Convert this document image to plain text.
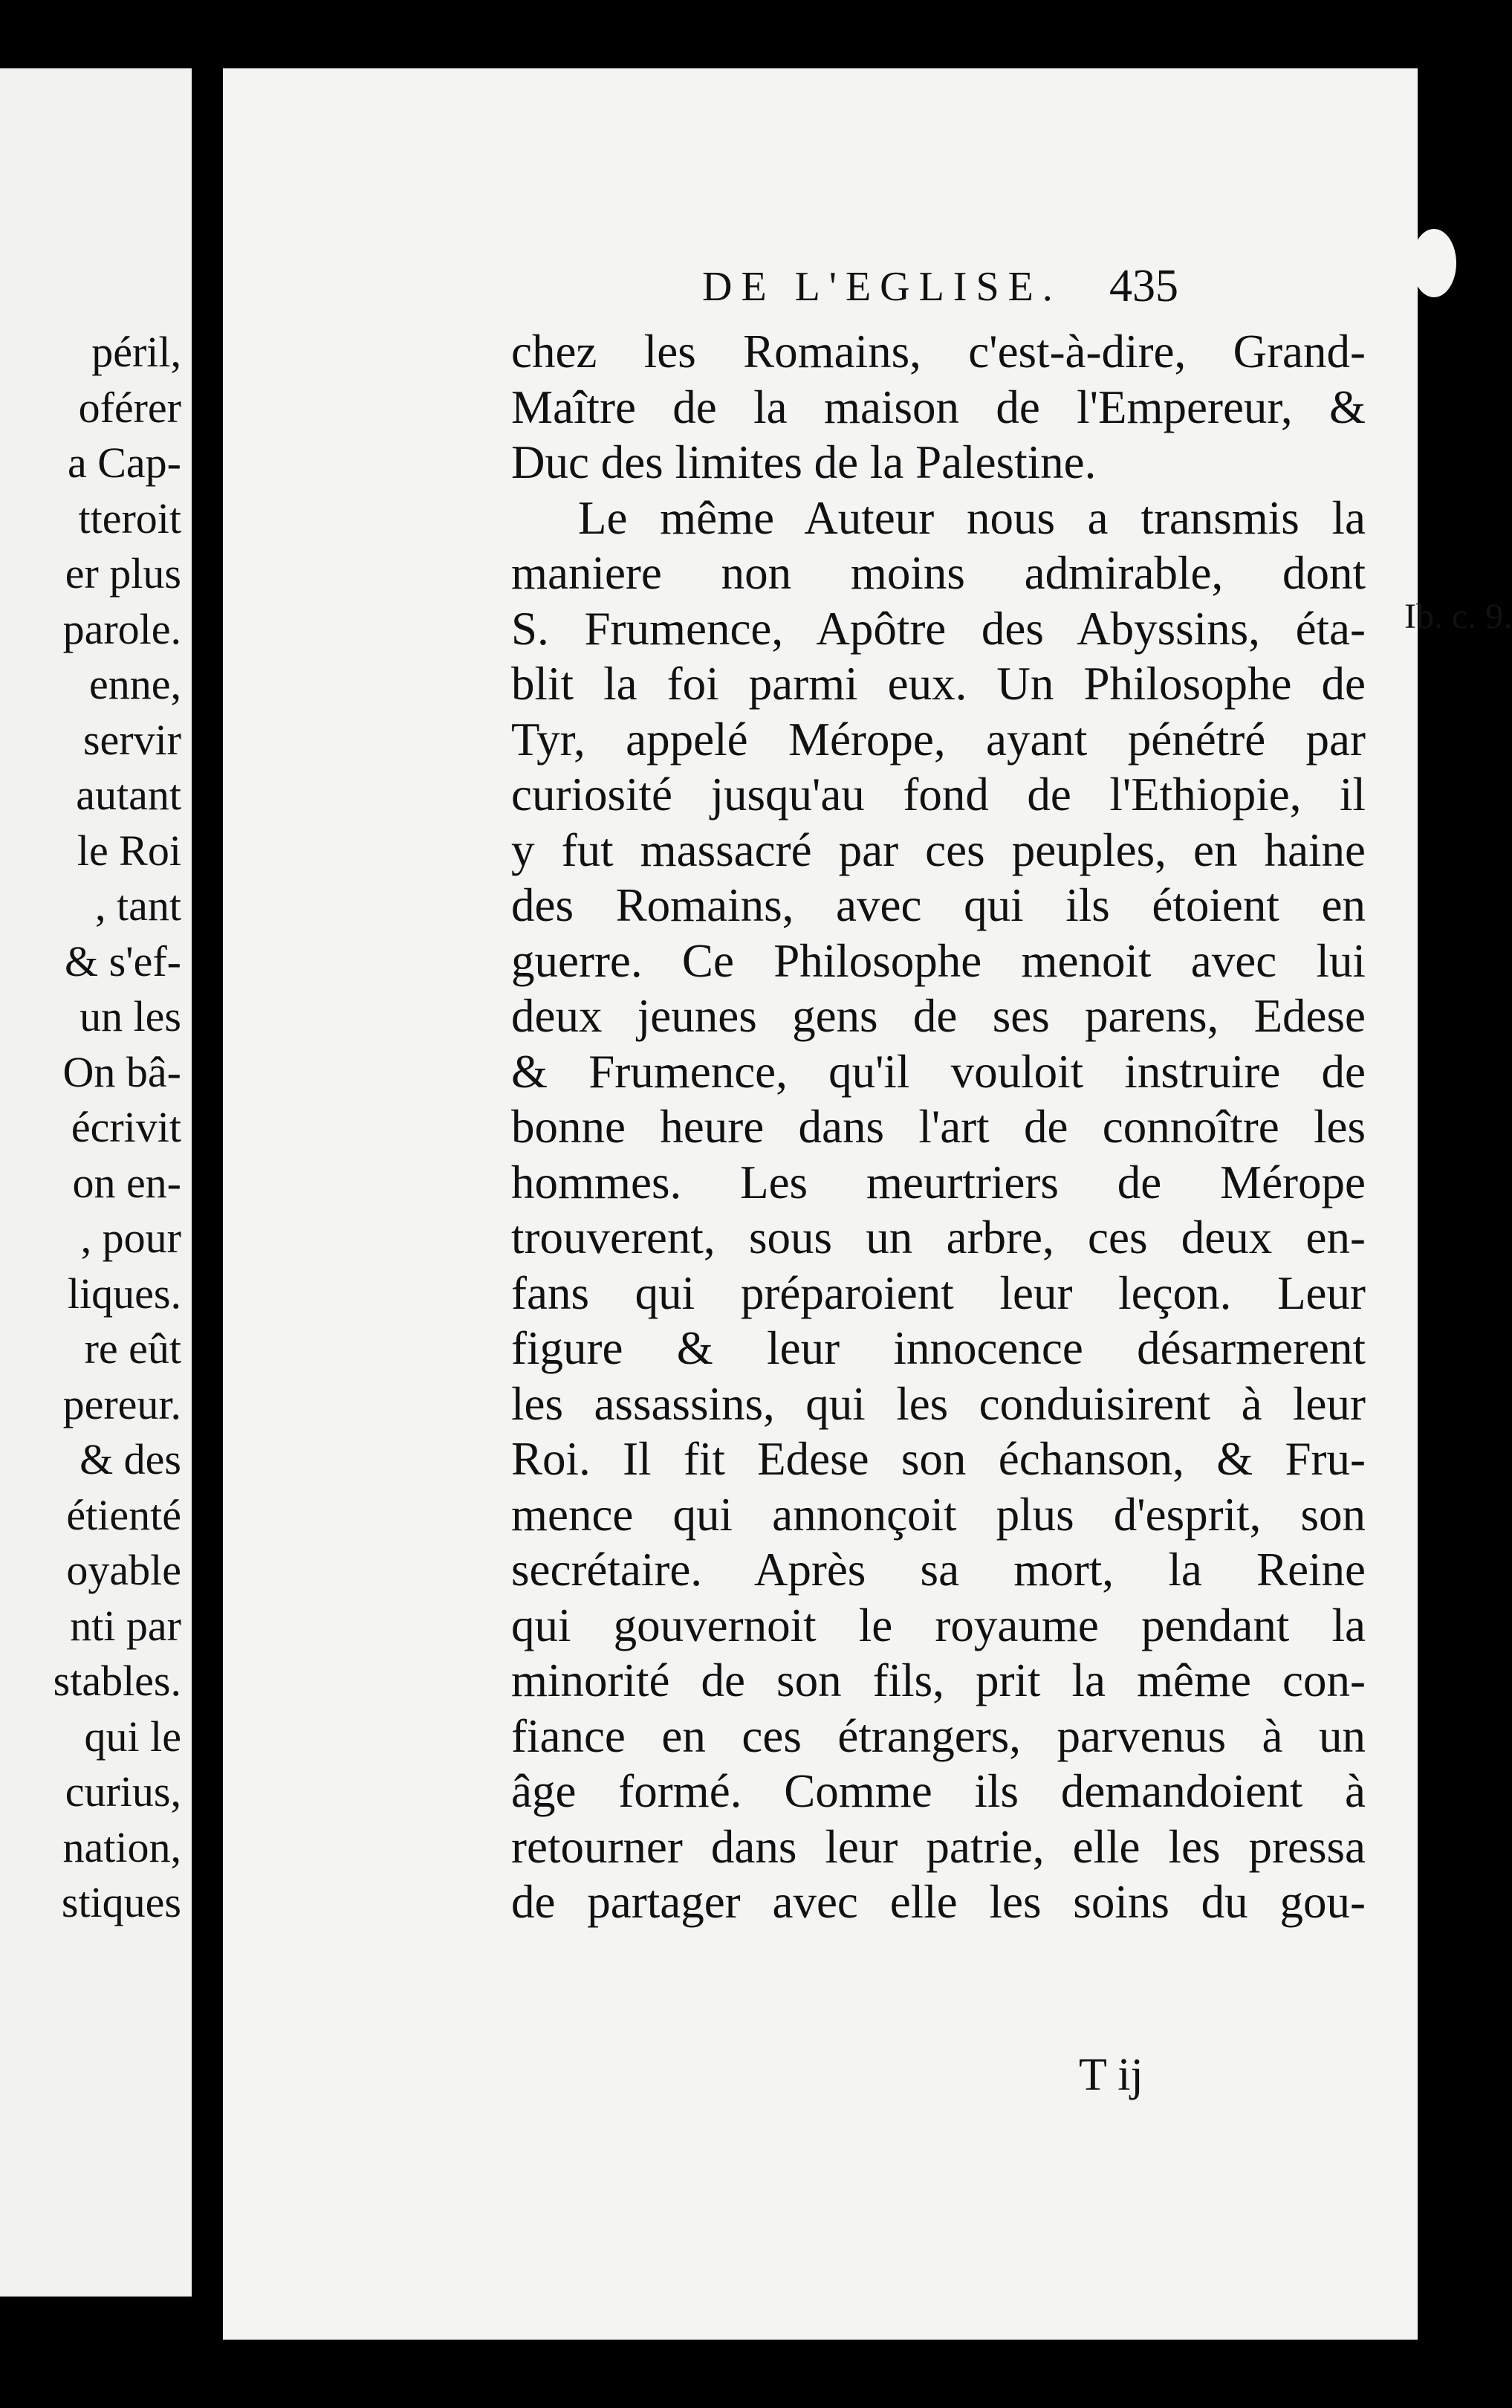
péril,
oférer
a Cap-
tteroit
er plus
parole.
enne,
servir
autant
le Roi
, tant
& s'ef-
un les
On bâ-
écrivit
on en-
, pour
liques.
re eût
pereur.
& des
étienté
oyable
nti par
stables.
qui le
curius,
nation,
stiques
DE L'EGLISE. 435
chez les Romains, c'est-à-dire, Grand-
Maître de la maison de l'Empereur, &
Duc des limites de la Palestine.
Le même Auteur nous a transmis la
maniere non moins admirable, dont
S. Frumence, Apôtre des Abyssins, éta-
blit la foi parmi eux. Un Philosophe de
Tyr, appelé Mérope, ayant pénétré par
curiosité jusqu'au fond de l'Ethiopie, il
y fut massacré par ces peuples, en haine
des Romains, avec qui ils étoient en
guerre. Ce Philosophe menoit avec lui
deux jeunes gens de ses parens, Edese
& Frumence, qu'il vouloit instruire de
bonne heure dans l'art de connoître les
hommes. Les meurtriers de Mérope
trouverent, sous un arbre, ces deux en-
fans qui préparoient leur leçon. Leur
figure & leur innocence désarmerent
les assassins, qui les conduisirent à leur
Roi. Il fit Edese son échanson, & Fru-
mence qui annonçoit plus d'esprit, son
secrétaire. Après sa mort, la Reine
qui gouvernoit le royaume pendant la
minorité de son fils, prit la même con-
fiance en ces étrangers, parvenus à un
âge formé. Comme ils demandoient à
retourner dans leur patrie, elle les pressa
de partager avec elle les soins du gou-
Ib. c. 9.
T ij
